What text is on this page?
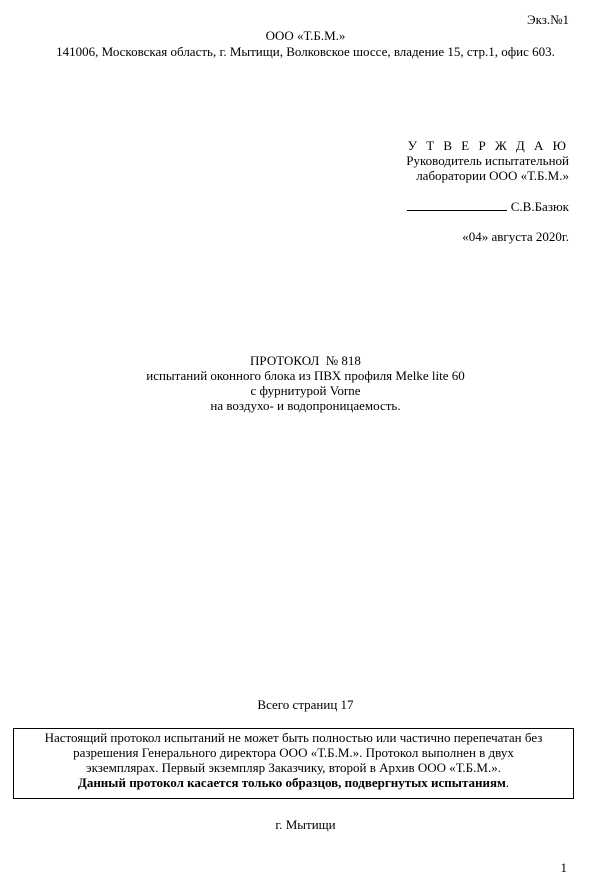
Экз.№1
ООО «Т.Б.М.»
141006, Московская область, г. Мытищи, Волковское шоссе, владение 15, стр.1, офис 603.
У Т В Е Р Ж Д А Ю
Руководитель испытательной
лаборатории ООО «Т.Б.М.»
С.В.Базюк
«04» августа 2020г.
ПРОТОКОЛ  № 818
испытаний оконного блока из ПВХ профиля Melke lite 60
с фурнитурой Vorne
на воздухо- и водопроницаемость.
Всего страниц 17
Настоящий протокол испытаний не может быть полностью или частично перепечатан без
разрешения Генерального директора ООО «Т.Б.М.». Протокол выполнен в двух
экземплярах. Первый экземпляр Заказчику, второй в Архив ООО «Т.Б.М.».
Данный протокол касается только образцов, подвергнутых испытаниям.
г. Мытищи
1
